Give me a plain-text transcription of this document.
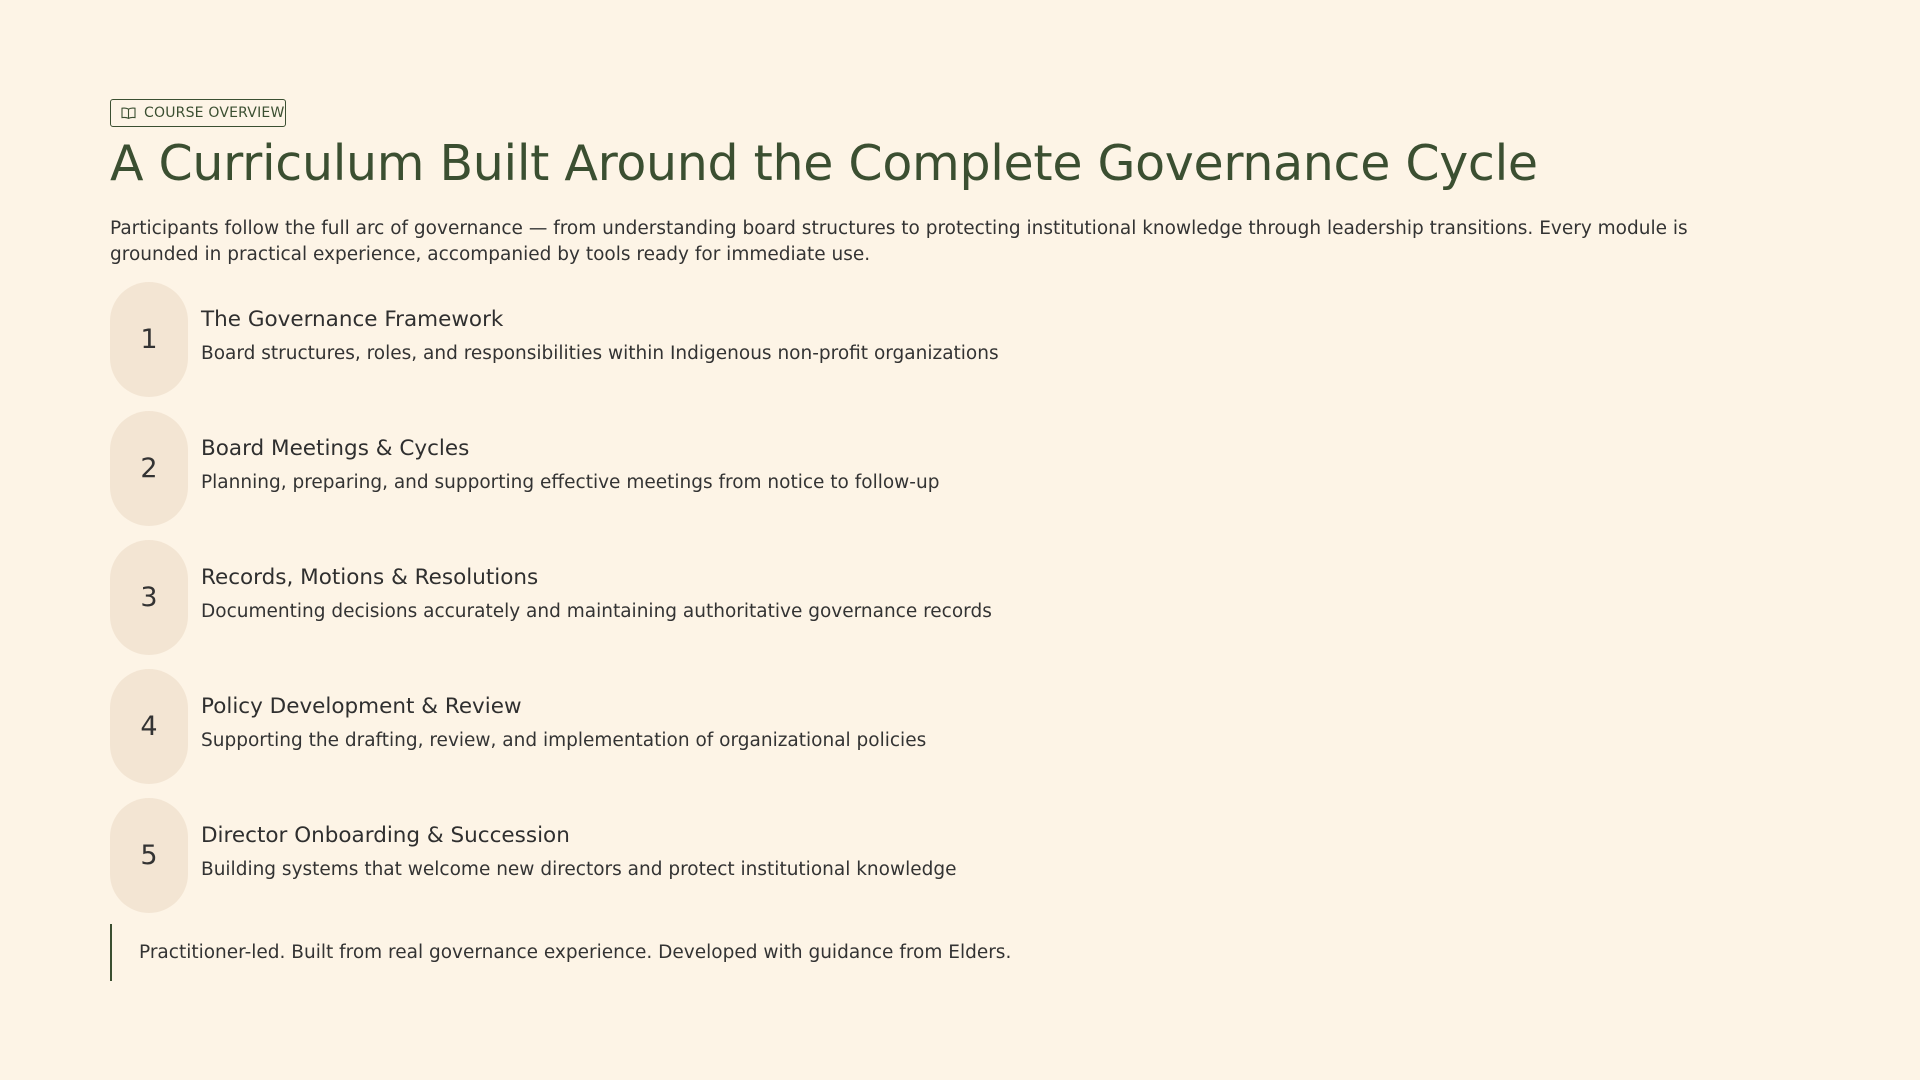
COURSE OVERVIEW
A Curriculum Built Around the Complete Governance Cycle

Participants follow the full arc of governance — from understanding board structures to protecting institutional knowledge through leadership transitions. Every module is grounded in practical experience, accompanied by tools ready for immediate use.

1
The Governance Framework
Board structures, roles, and responsibilities within Indigenous non-profit organizations
2
Board Meetings & Cycles
Planning, preparing, and supporting effective meetings from notice to follow-up
3
Records, Motions & Resolutions
Documenting decisions accurately and maintaining authoritative governance records
4
Policy Development & Review
Supporting the drafting, review, and implementation of organizational policies
5
Director Onboarding & Succession
Building systems that welcome new directors and protect institutional knowledge
Practitioner-led. Built from real governance experience. Developed with guidance from Elders.
